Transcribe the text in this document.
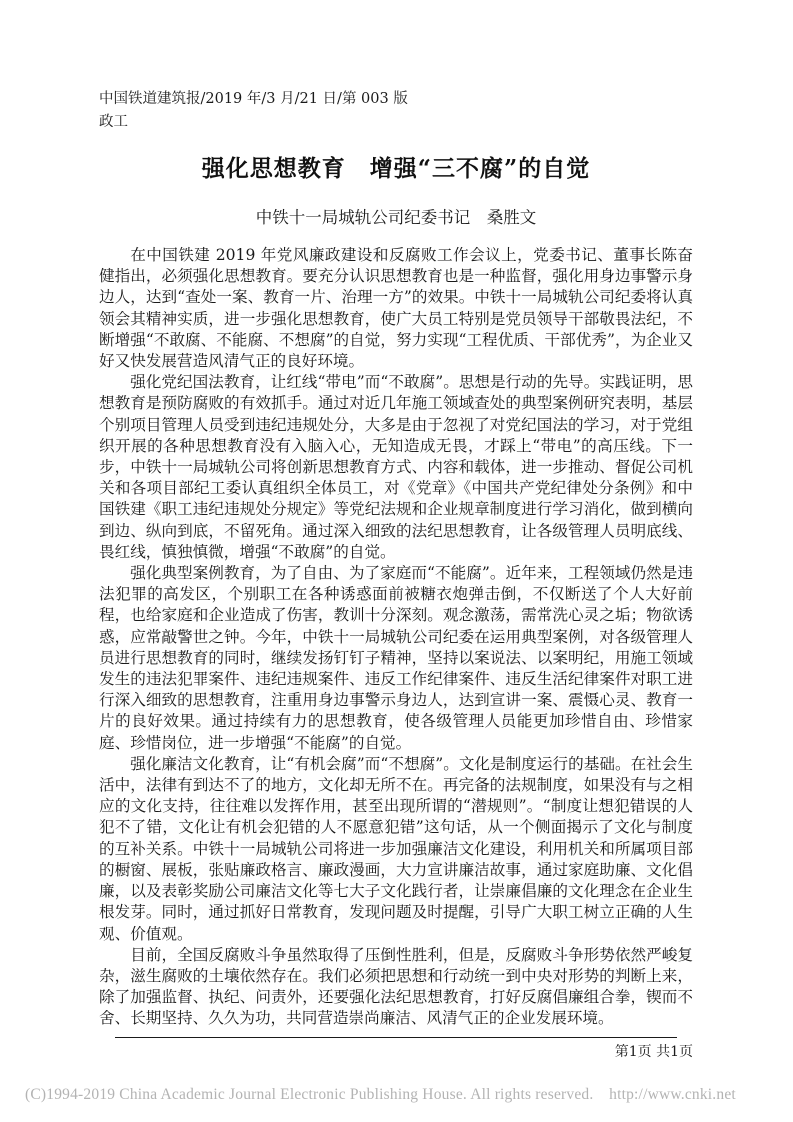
中国铁道建筑报/2019 年/3 月/21 日/第 003 版
政工
强化思想教育　增强“三不腐”的自觉
中铁十一局城轨公司纪委书记　桑胜文

在中国铁建 2019 年党风廉政建设和反腐败工作会议上，党委书记、董事长陈奋健指出，必须强化思想教育。要充分认识思想教育也是一种监督，强化用身边事警示身边人，达到“查处一案、教育一片、治理一方”的效果。中铁十一局城轨公司纪委将认真领会其精神实质，进一步强化思想教育，使广大员工特别是党员领导干部敬畏法纪，不断增强“不敢腐、不能腐、不想腐”的自觉，努力实现“工程优质、干部优秀”，为企业又好又快发展营造风清气正的良好环境。

强化党纪国法教育，让红线“带电”而“不敢腐”。思想是行动的先导。实践证明，思想教育是预防腐败的有效抓手。通过对近几年施工领域查处的典型案例研究表明，基层个别项目管理人员受到违纪违规处分，大多是由于忽视了对党纪国法的学习，对于党组织开展的各种思想教育没有入脑入心，无知造成无畏，才踩上“带电”的高压线。下一步，中铁十一局城轨公司将创新思想教育方式、内容和载体，进一步推动、督促公司机关和各项目部纪工委认真组织全体员工，对《党章》《中国共产党纪律处分条例》和中国铁建《职工违纪违规处分规定》等党纪法规和企业规章制度进行学习消化，做到横向到边、纵向到底，不留死角。通过深入细致的法纪思想教育，让各级管理人员明底线、畏红线，慎独慎微，增强“不敢腐”的自觉。

强化典型案例教育，为了自由、为了家庭而“不能腐”。近年来，工程领域仍然是违法犯罪的高发区，个别职工在各种诱惑面前被糖衣炮弹击倒，不仅断送了个人大好前程，也给家庭和企业造成了伤害，教训十分深刻。观念激荡，需常洗心灵之垢；物欲诱惑，应常敲警世之钟。今年，中铁十一局城轨公司纪委在运用典型案例，对各级管理人员进行思想教育的同时，继续发扬钉钉子精神，坚持以案说法、以案明纪，用施工领域发生的违法犯罪案件、违纪违规案件、违反工作纪律案件、违反生活纪律案件对职工进行深入细致的思想教育，注重用身边事警示身边人，达到宣讲一案、震慑心灵、教育一片的良好效果。通过持续有力的思想教育，使各级管理人员能更加珍惜自由、珍惜家庭、珍惜岗位，进一步增强“不能腐”的自觉。

强化廉洁文化教育，让“有机会腐”而“不想腐”。文化是制度运行的基础。在社会生活中，法律有到达不了的地方，文化却无所不在。再完备的法规制度，如果没有与之相应的文化支持，往往难以发挥作用，甚至出现所谓的“潜规则”。“制度让想犯错误的人犯不了错，文化让有机会犯错的人不愿意犯错”这句话，从一个侧面揭示了文化与制度的互补关系。中铁十一局城轨公司将进一步加强廉洁文化建设，利用机关和所属项目部的橱窗、展板，张贴廉政格言、廉政漫画，大力宣讲廉洁故事，通过家庭助廉、文化倡廉，以及表彰奖励公司廉洁文化等七大子文化践行者，让崇廉倡廉的文化理念在企业生根发芽。同时，通过抓好日常教育，发现问题及时提醒，引导广大职工树立正确的人生观、价值观。

目前，全国反腐败斗争虽然取得了压倒性胜利，但是，反腐败斗争形势依然严峻复杂，滋生腐败的土壤依然存在。我们必须把思想和行动统一到中央对形势的判断上来，除了加强监督、执纪、问责外，还要强化法纪思想教育，打好反腐倡廉组合拳，锲而不舍、长期坚持、久久为功，共同营造崇尚廉洁、风清气正的企业发展环境。

第1页 共1页
(C)1994-2019 China Academic Journal Electronic Publishing House. All rights reserved.　http://www.cnki.net
